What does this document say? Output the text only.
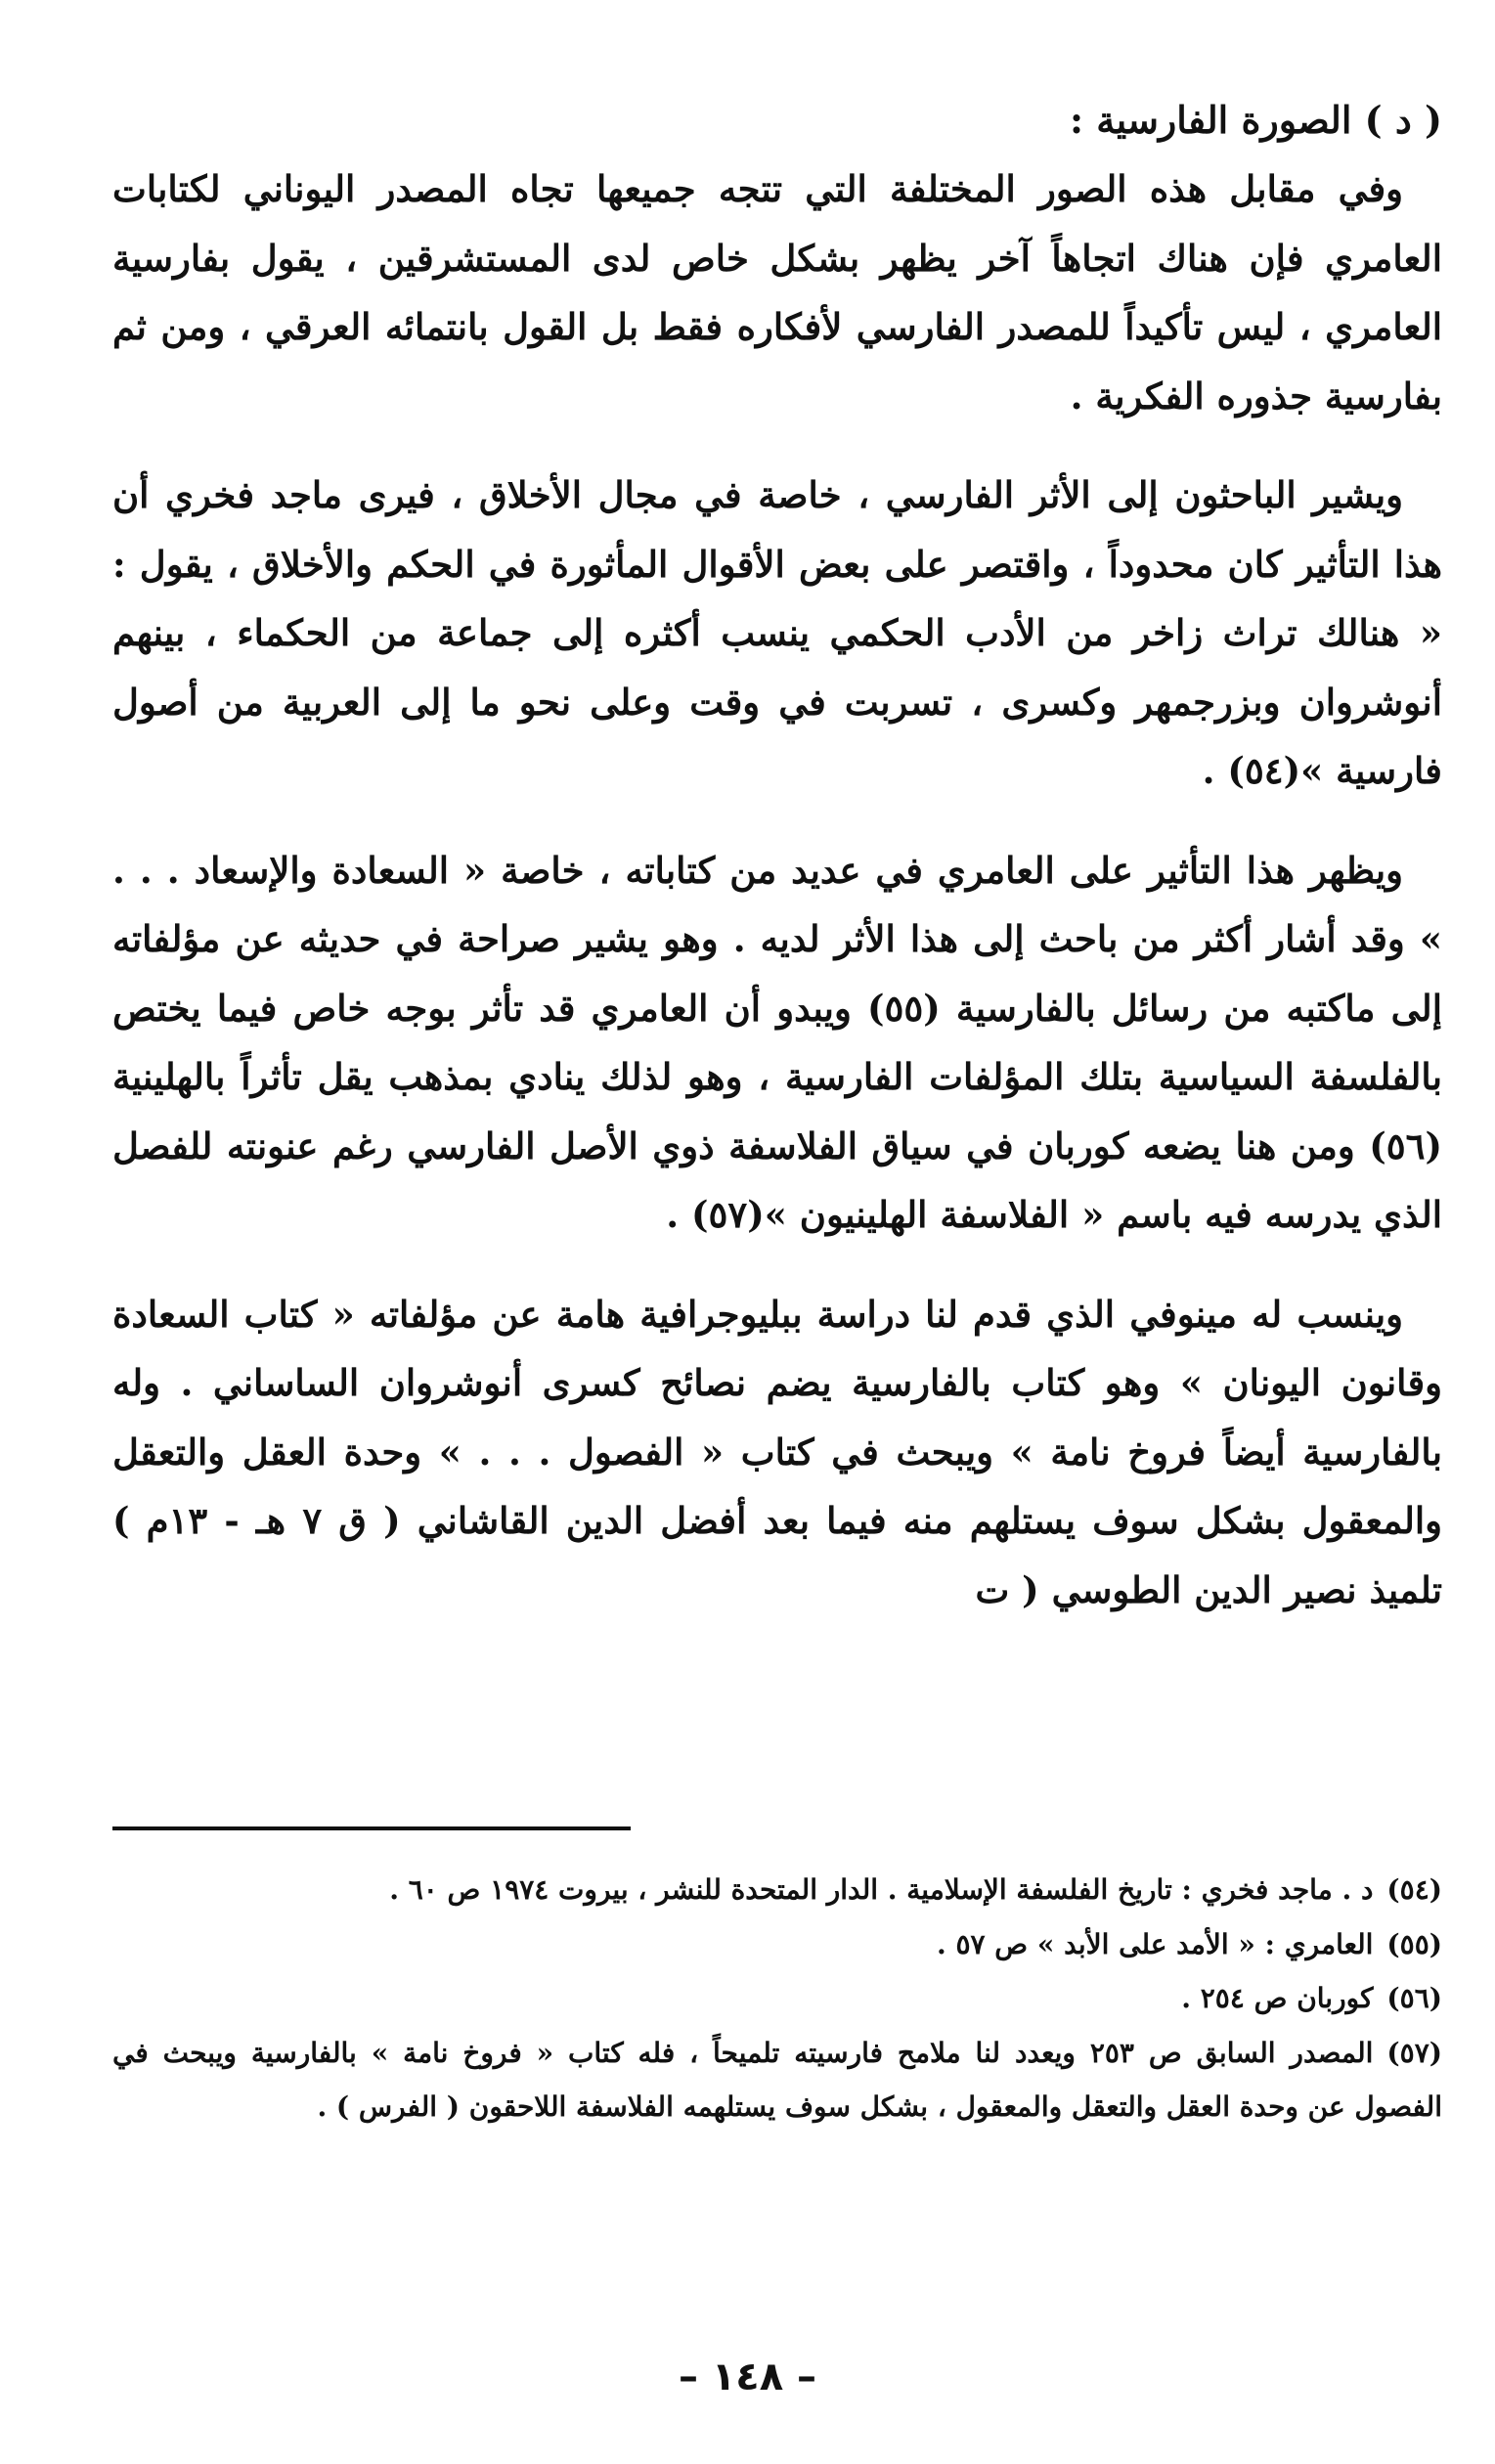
( د ) الصورة الفارسية :

وفي مقابل هذه الصور المختلفة التي تتجه جميعها تجاه المصدر اليوناني لكتابات العامري فإن هناك اتجاهاً آخر يظهر بشكل خاص لدى المستشرقين ، يقول بفارسية العامري ، ليس تأكيداً للمصدر الفارسي لأفكاره فقط بل القول بانتمائه العرقي ، ومن ثم بفارسية جذوره الفكرية .

ويشير الباحثون إلى الأثر الفارسي ، خاصة في مجال الأخلاق ، فيرى ماجد فخري أن هذا التأثير كان محدوداً ، واقتصر على بعض الأقوال المأثورة في الحكم والأخلاق ، يقول : « هنالك تراث زاخر من الأدب الحكمي ينسب أكثره إلى جماعة من الحكماء ، بينهم أنوشروان وبزرجمهر وكسرى ، تسربت في وقت وعلى نحو ما إلى العربية من أصول فارسية »(٥٤) .

ويظهر هذا التأثير على العامري في عديد من كتاباته ، خاصة « السعادة والإسعاد . . . » وقد أشار أكثر من باحث إلى هذا الأثر لديه . وهو يشير صراحة في حديثه عن مؤلفاته إلى ماكتبه من رسائل بالفارسية (٥٥) ويبدو أن العامري قد تأثر بوجه خاص فيما يختص بالفلسفة السياسية بتلك المؤلفات الفارسية ، وهو لذلك ينادي بمذهب يقل تأثراً بالهلينية (٥٦) ومن هنا يضعه كوربان في سياق الفلاسفة ذوي الأصل الفارسي رغم عنونته للفصل الذي يدرسه فيه باسم « الفلاسفة الهلينيون »(٥٧) .

وينسب له مينوفي الذي قدم لنا دراسة ببليوجرافية هامة عن مؤلفاته « كتاب السعادة وقانون اليونان » وهو كتاب بالفارسية يضم نصائح كسرى أنوشروان الساساني . وله بالفارسية أيضاً فروخ نامة » ويبحث في كتاب « الفصول . . . » وحدة العقل والتعقل والمعقول بشكل سوف يستلهم منه فيما بعد أفضل الدين القاشاني ( ق ٧ هـ - ١٣م ) تلميذ نصير الدين الطوسي ( ت

(٥٤)د . ماجد فخري : تاريخ الفلسفة الإسلامية . الدار المتحدة للنشر ، بيروت ١٩٧٤ ص ٦٠ .

(٥٥)العامري : « الأمد على الأبد » ص ٥٧ .

(٥٦)كوربان ص ٢٥٤ .

(٥٧)المصدر السابق ص ٢٥٣ ويعدد لنا ملامح فارسيته تلميحاً ، فله كتاب « فروخ نامة » بالفارسية ويبحث في الفصول عن وحدة العقل والتعقل والمعقول ، بشكل سوف يستلهمه الفلاسفة اللاحقون ( الفرس ) .

– ١٤٨ –
